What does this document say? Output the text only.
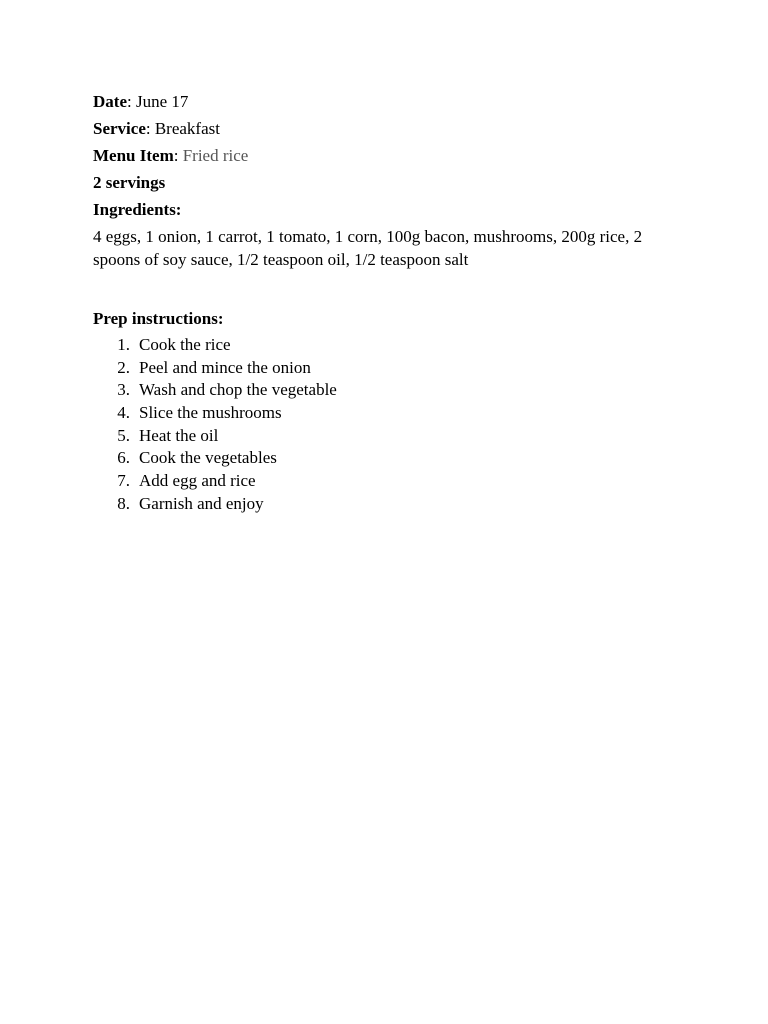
Date: June 17

Service: Breakfast

Menu Item: Fried rice

2 servings

Ingredients:

4 eggs, 1 onion, 1 carrot, 1 tomato, 1 corn, 100g bacon, mushrooms, 200g rice, 2 spoons of soy sauce, 1/2 teaspoon oil, 1/2 teaspoon salt

Prep instructions:

1. Cook the rice
2. Peel and mince the onion
3. Wash and chop the vegetable
4. Slice the mushrooms
5. Heat the oil
6. Cook the vegetables
7. Add egg and rice
8. Garnish and enjoy
